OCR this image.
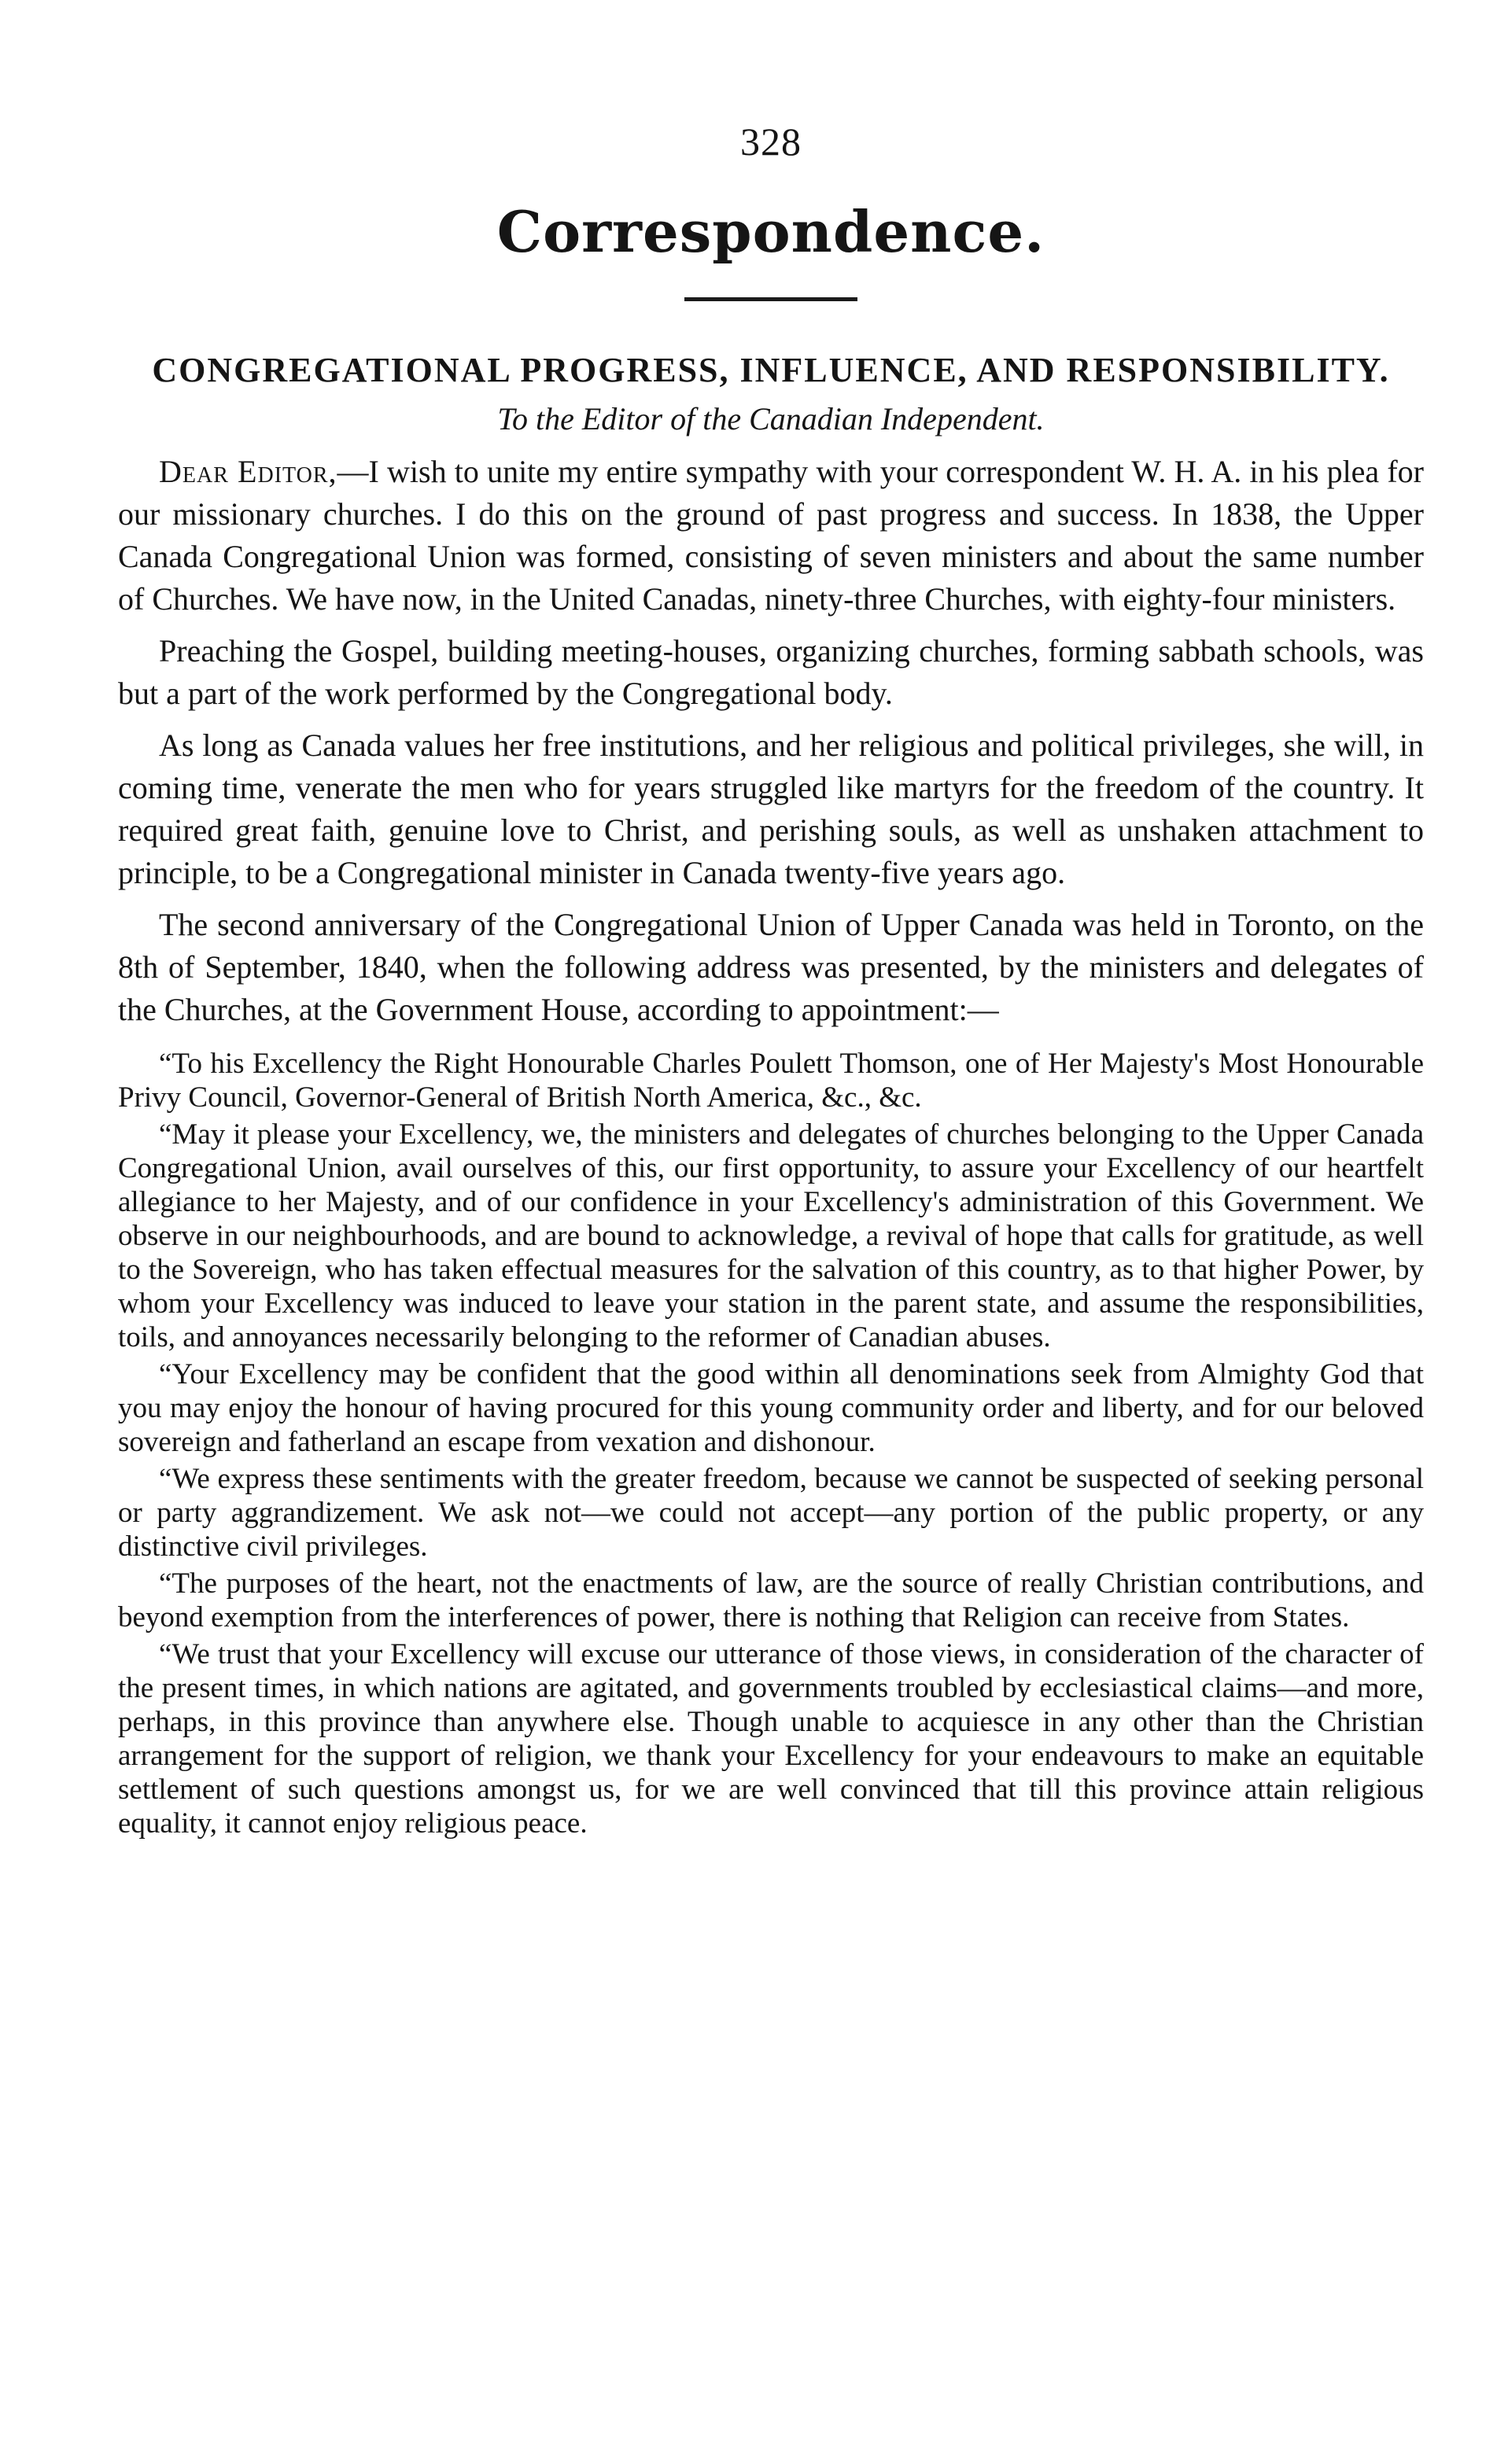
328
Correspondence.
CONGREGATIONAL PROGRESS, INFLUENCE, AND RESPONSIBILITY.
To the Editor of the Canadian Independent.

Dear Editor,—I wish to unite my entire sympathy with your correspondent W. H. A. in his plea for our missionary churches. I do this on the ground of past progress and success. In 1838, the Upper Canada Congregational Union was formed, consisting of seven ministers and about the same number of Churches. We have now, in the United Canadas, ninety-three Churches, with eighty-four ministers.

Preaching the Gospel, building meeting-houses, organizing churches, forming sabbath schools, was but a part of the work performed by the Congregational body.

As long as Canada values her free institutions, and her religious and political privileges, she will, in coming time, venerate the men who for years struggled like martyrs for the freedom of the country. It required great faith, genuine love to Christ, and perishing souls, as well as unshaken attachment to principle, to be a Congregational minister in Canada twenty-five years ago.

The second anniversary of the Congregational Union of Upper Canada was held in Toronto, on the 8th of September, 1840, when the following address was presented, by the ministers and delegates of the Churches, at the Government House, according to appointment:—

“To his Excellency the Right Honourable Charles Poulett Thomson, one of Her Majesty's Most Honourable Privy Council, Governor-General of British North America, &c., &c.

“May it please your Excellency, we, the ministers and delegates of churches belonging to the Upper Canada Congregational Union, avail ourselves of this, our first opportunity, to assure your Excellency of our heartfelt allegiance to her Majesty, and of our confidence in your Excellency's administration of this Government. We observe in our neighbourhoods, and are bound to acknowledge, a revival of hope that calls for gratitude, as well to the Sovereign, who has taken effectual measures for the salvation of this country, as to that higher Power, by whom your Excellency was induced to leave your station in the parent state, and assume the responsibilities, toils, and annoyances necessarily belonging to the reformer of Canadian abuses.

“Your Excellency may be confident that the good within all denominations seek from Almighty God that you may enjoy the honour of having procured for this young community order and liberty, and for our beloved sovereign and fatherland an escape from vexation and dishonour.

“We express these sentiments with the greater freedom, because we cannot be suspected of seeking personal or party aggrandizement. We ask not—we could not accept—any portion of the public property, or any distinctive civil privileges.

“The purposes of the heart, not the enactments of law, are the source of really Christian contributions, and beyond exemption from the interferences of power, there is nothing that Religion can receive from States.

“We trust that your Excellency will excuse our utterance of those views, in consideration of the character of the present times, in which nations are agitated, and governments troubled by ecclesiastical claims—and more, perhaps, in this province than anywhere else. Though unable to acquiesce in any other than the Christian arrangement for the support of religion, we thank your Excellency for your endeavours to make an equitable settlement of such questions amongst us, for we are well convinced that till this province attain religious equality, it cannot enjoy religious peace.
